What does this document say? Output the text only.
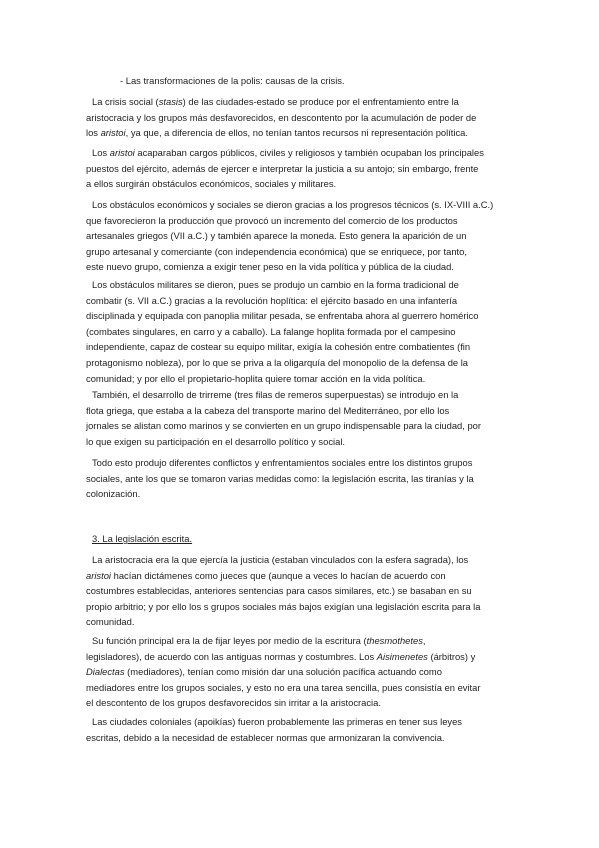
- Las transformaciones de la polis: causas de la crisis.

La crisis social (stasis) de las ciudades-estado se produce por el enfrentamiento entre la
aristocracia y los grupos más desfavorecidos, en descontento por la acumulación de poder de
los aristoi, ya que, a diferencia de ellos, no tenían tantos recursos ni representación política.

Los aristoi acaparaban cargos públicos, civiles y religiosos y también ocupaban los principales
puestos del ejército, además de ejercer e interpretar la justicia a su antojo; sin embargo, frente
a ellos surgirán obstáculos económicos, sociales y militares.

Los obstáculos económicos y sociales se dieron gracias a los progresos técnicos (s. IX-VIII a.C.)
que favorecieron la producción que provocó un incremento del comercio de los productos
artesanales griegos (VII a.C.) y también aparece la moneda. Esto genera la aparición de un
grupo artesanal y comerciante (con independencia económica) que se enriquece, por tanto,
este nuevo grupo, comienza a exigir tener peso en la vida política y pública de la ciudad.

Los obstáculos militares se dieron, pues se produjo un cambio en la forma tradicional de
combatir (s. VII a.C.) gracias a la revolución hoplítica: el ejército basado en una infantería
disciplinada y equipada con panoplia militar pesada, se enfrentaba ahora al guerrero homérico
(combates singulares, en carro y a caballo). La falange hoplita formada por el campesino
independiente, capaz de costear su equipo militar, exigía la cohesión entre combatientes (fin
protagonismo nobleza), por lo que se priva a la oligarquía del monopolio de la defensa de la
comunidad; y por ello el propietario-hoplita quiere tomar acción en la vida política.

También, el desarrollo de trirreme (tres filas de remeros superpuestas) se introdujo en la
flota griega, que estaba a la cabeza del transporte marino del Mediterráneo, por ello los
jornales se alistan como marinos y se convierten en un grupo indispensable para la ciudad, por
lo que exigen su participación en el desarrollo político y social.

Todo esto produjo diferentes conflictos y enfrentamientos sociales entre los distintos grupos
sociales, ante los que se tomaron varias medidas como: la legislación escrita, las tiranías y la
colonización.

3. La legislación escrita.

La aristocracia era la que ejercía la justicia (estaban vinculados con la esfera sagrada), los
aristoi hacían dictámenes como jueces que (aunque a veces lo hacían de acuerdo con
costumbres establecidas, anteriores sentencias para casos similares, etc.) se basaban en su
propio arbitrio; y por ello los s grupos sociales más bajos exigían una legislación escrita para la
comunidad.

Su función principal era la de fijar leyes por medio de la escritura (thesmothetes,
legisladores), de acuerdo con las antiguas normas y costumbres. Los Aisimenetes (árbitros) y
Dialectas (mediadores), tenían como misión dar una solución pacífica actuando como
mediadores entre los grupos sociales, y esto no era una tarea sencilla, pues consistía en evitar
el descontento de los grupos desfavorecidos sin irritar a la aristocracia.

Las ciudades coloniales (apoikías) fueron probablemente las primeras en tener sus leyes
escritas, debido a la necesidad de establecer normas que armonizaran la convivencia.
